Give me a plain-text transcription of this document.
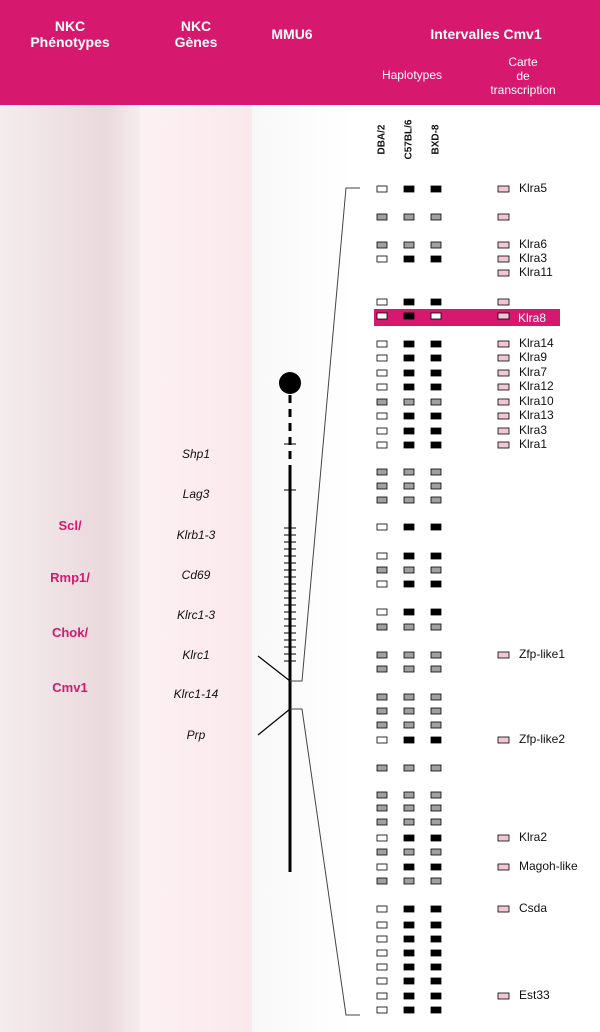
NKC
Phénotypes
NKC
Gènes	MMU6	Intervalles Cmv1
Haplotypes
Carte
de
transcription
DBA/2 C57BL/6 BXD-8
Scl/
Rmp1/
Chok/
Cmv1
Shp1
Lag3
Klrb1-3
Cd69
Klrc1-3
Klrc1
Klrc1-14
Prp
Klra8
Klra5
Klra6
Klra3
Klra11
Klra14
Klra9
Klra7
Klra12
Klra10
Klra13
Klra3
Klra1
Zfp-like1
Zfp-like2
Klra2
Magoh-like
Csda
Est33
